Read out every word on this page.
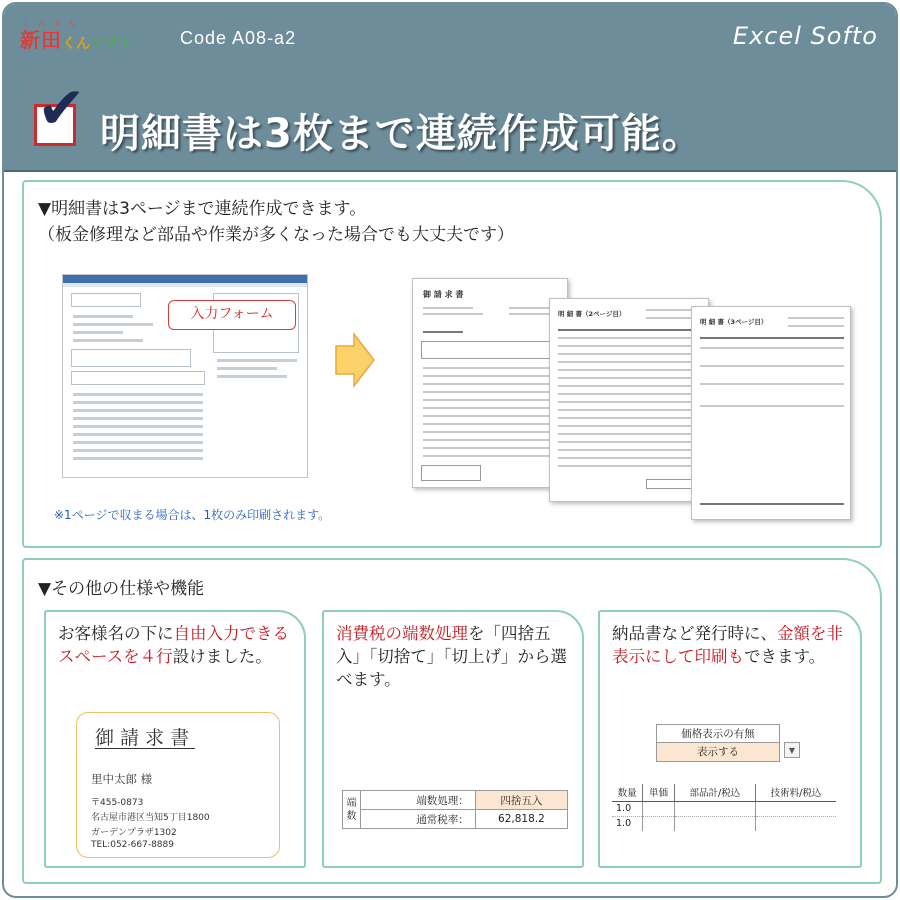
しんでん
新 田 くん ソフト	Code A08-a2	Excel Softo
✔ 明細書は3枚まで連続作成可能。
▼明細書は3ページまで連続作成できます。
（板金修理など部品や作業が多くなった場合でも大丈夫です）
入力フォーム
御 請 求 書
明 細 書（2ページ目）
明 細 書（3ページ目）
※1ページで収まる場合は、1枚のみ印刷されます。
▼その他の仕様や機能
お客様名の下に自由入力できるスペースを４行設けました。
御請求書
里中太郎 様
〒455-0873
名古屋市港区当知5丁目1800
ガーデンプラザ1302
TEL:052-667-8889
消費税の端数処理を「四捨五入」「切捨て」「切上げ」から選べます。
端数	端数処理：	四捨五入
	通常税率：	62,818.2
納品書など発行時に、金額を非表示にして印刷もできます。
価格表示の有無
表示する	▼
数量	単価	部品計/税込	技術料/税込
1.0			
1.0			
